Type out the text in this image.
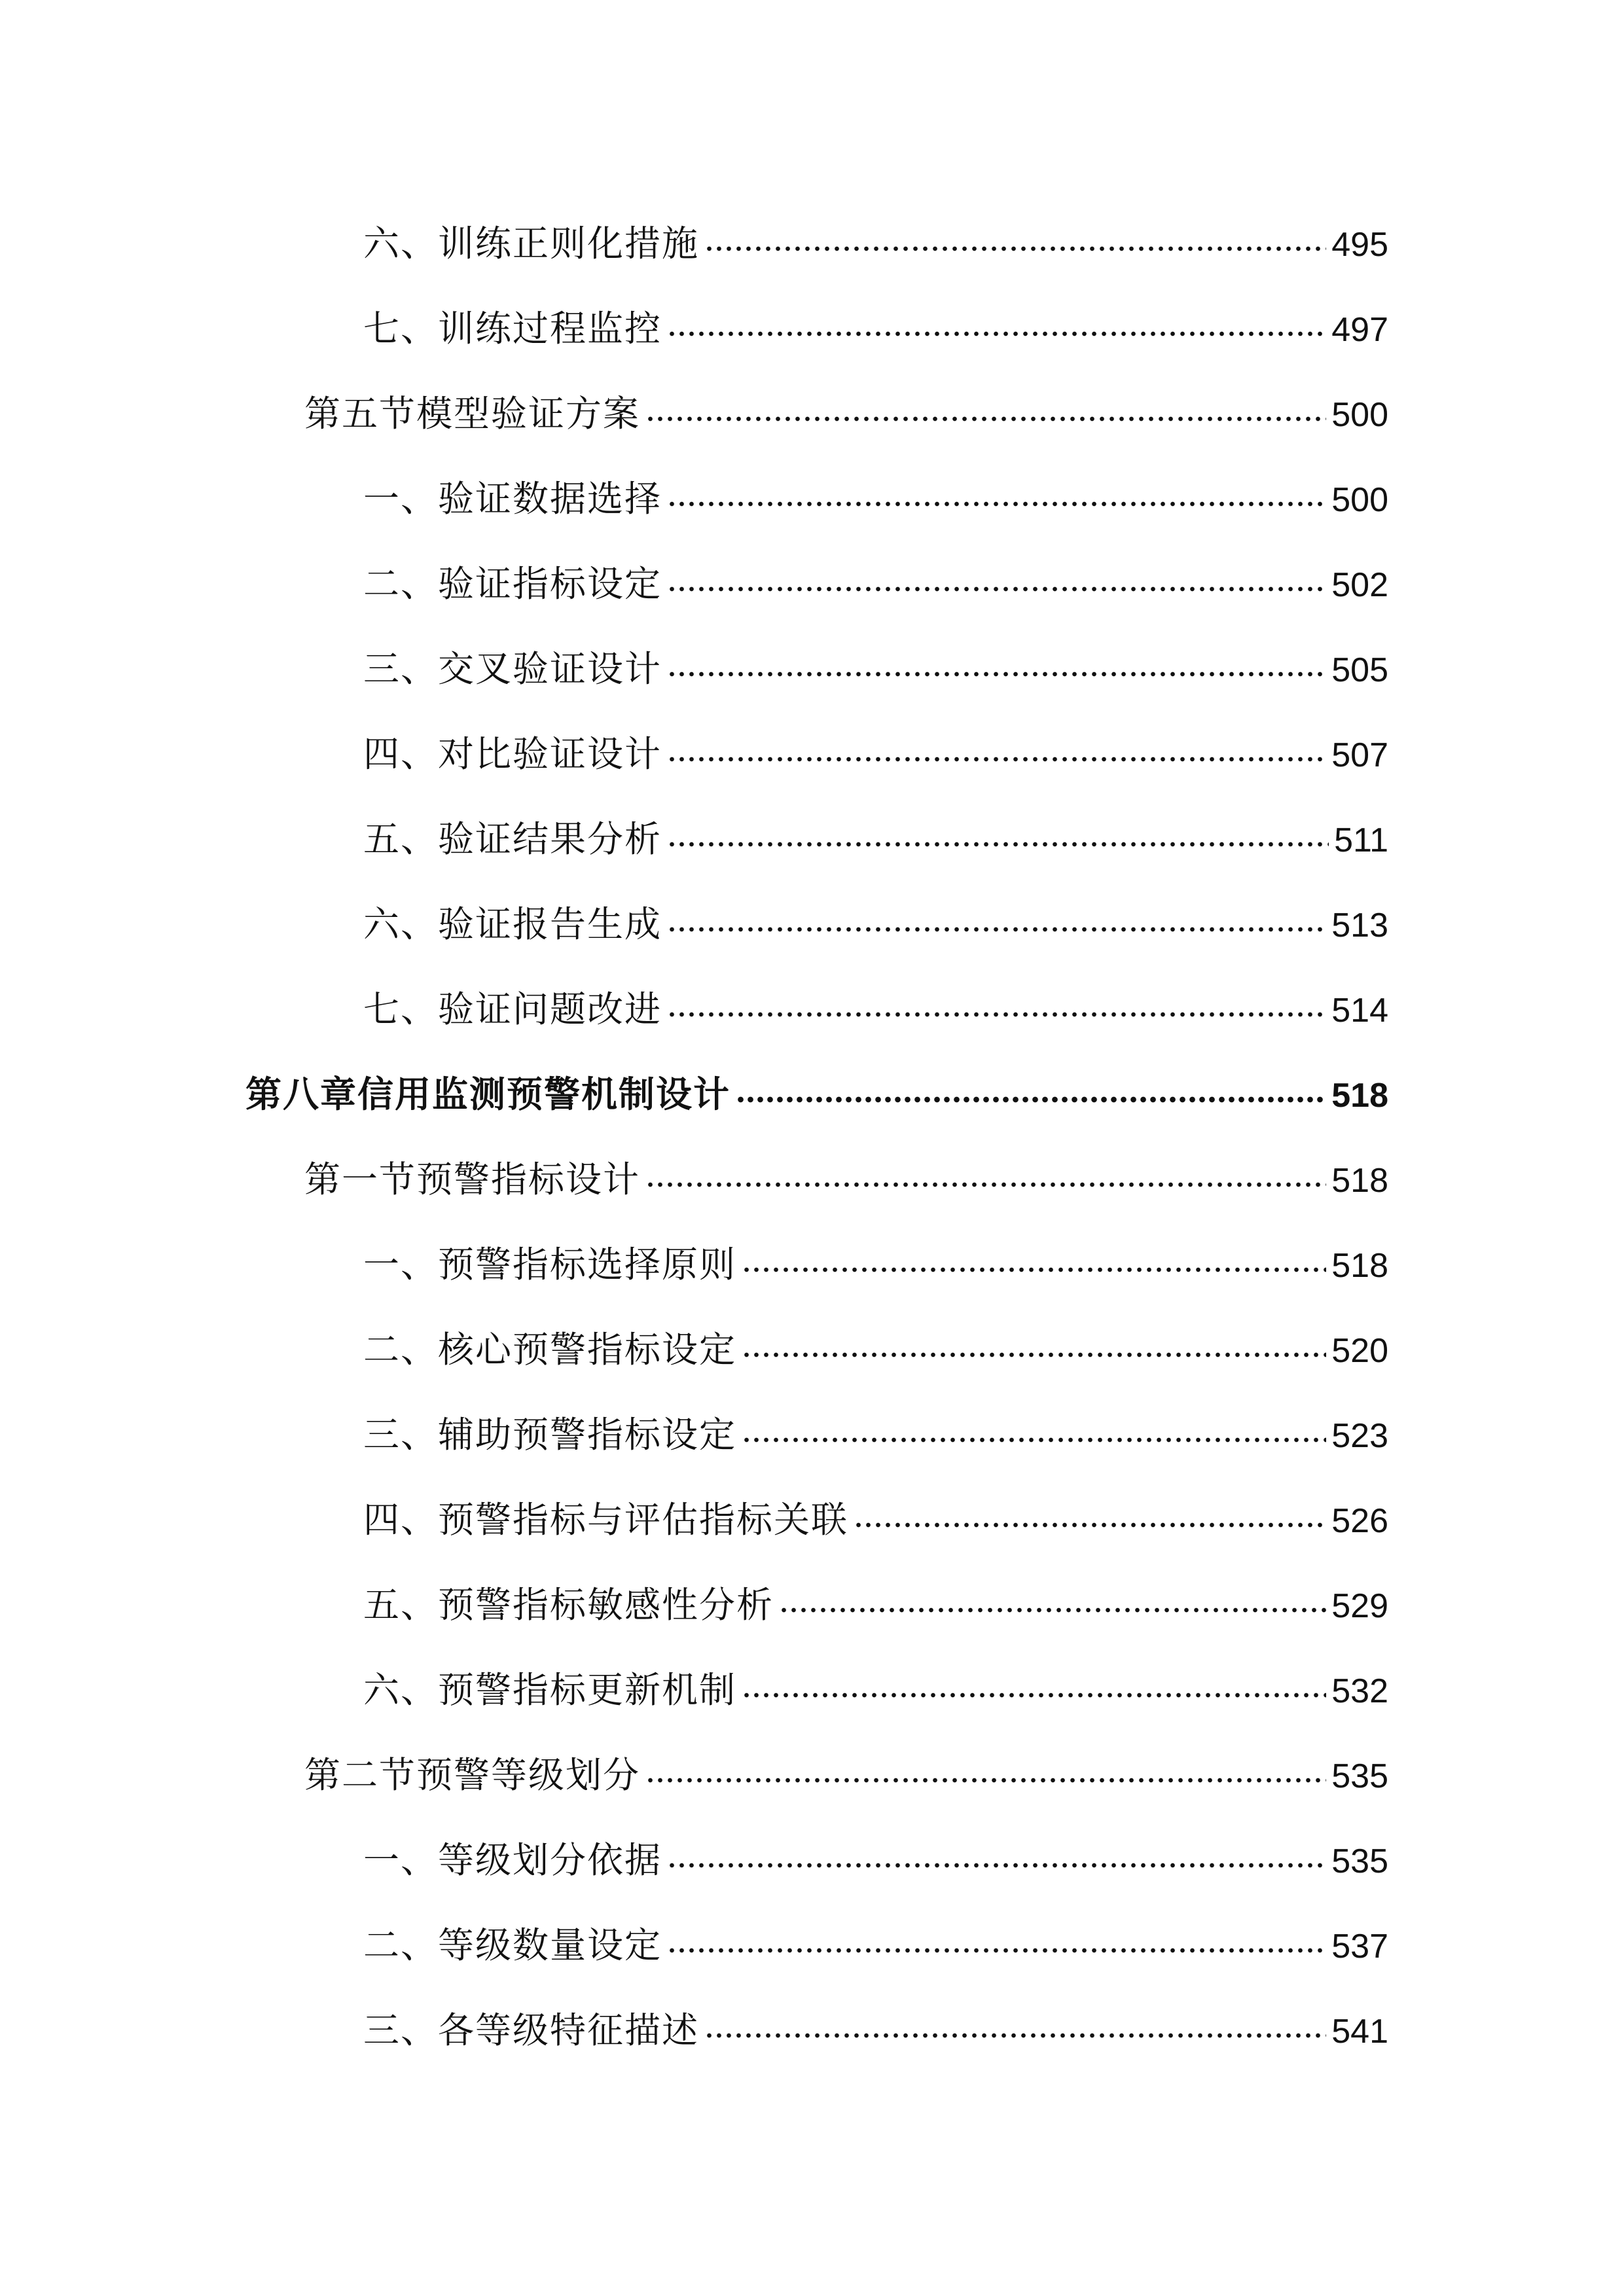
六、训练正则化措施	495
七、训练过程监控	497
第五节模型验证方案	500
一、验证数据选择	500
二、验证指标设定	502
三、交叉验证设计	505
四、对比验证设计	507
五、验证结果分析	511
六、验证报告生成	513
七、验证问题改进	514
第八章信用监测预警机制设计	518
第一节预警指标设计	518
一、预警指标选择原则	518
二、核心预警指标设定	520
三、辅助预警指标设定	523
四、预警指标与评估指标关联	526
五、预警指标敏感性分析	529
六、预警指标更新机制	532
第二节预警等级划分	535
一、等级划分依据	535
二、等级数量设定	537
三、各等级特征描述	541
